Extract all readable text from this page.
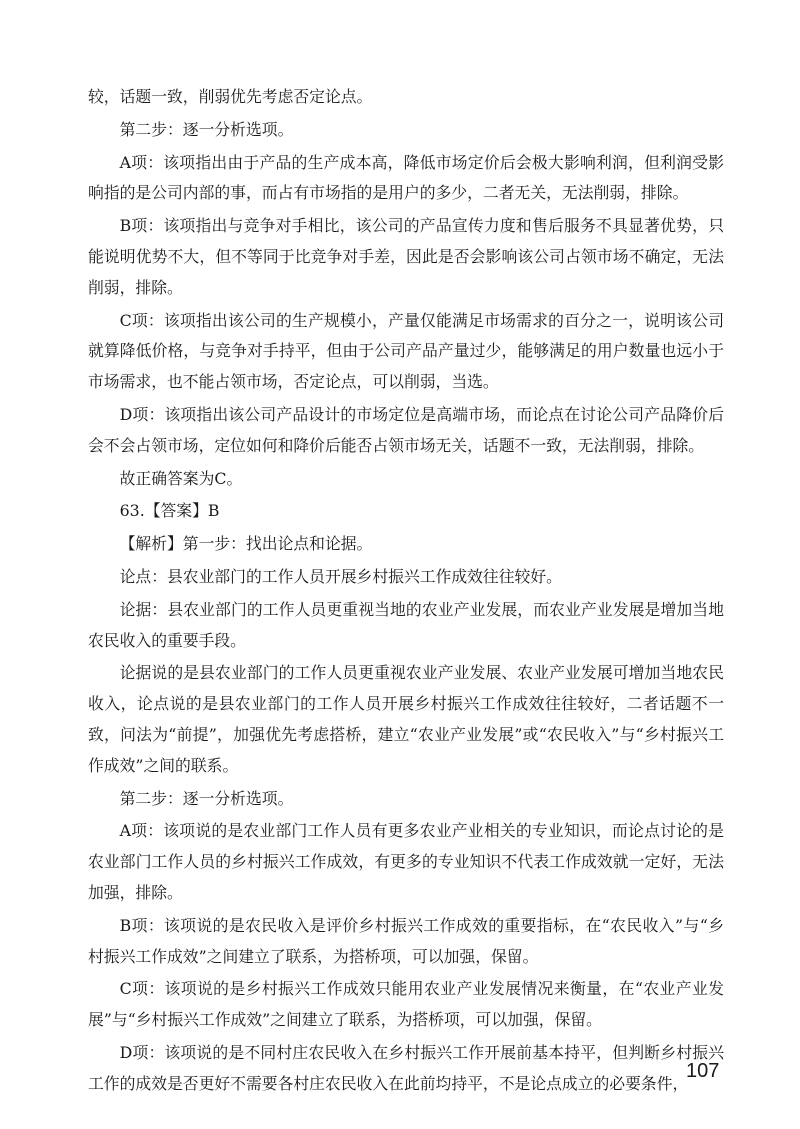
较，话题一致，削弱优先考虑否定论点。

第二步：逐一分析选项。

A项：该项指出由于产品的生产成本高，降低市场定价后会极大影响利润，但利润受影响指的是公司内部的事，而占有市场指的是用户的多少，二者无关，无法削弱，排除。

B项：该项指出与竞争对手相比，该公司的产品宣传力度和售后服务不具显著优势，只能说明优势不大，但不等同于比竞争对手差，因此是否会影响该公司占领市场不确定，无法削弱，排除。

C项：该项指出该公司的生产规模小，产量仅能满足市场需求的百分之一，说明该公司就算降低价格，与竞争对手持平，但由于公司产品产量过少，能够满足的用户数量也远小于市场需求，也不能占领市场，否定论点，可以削弱，当选。

D项：该项指出该公司产品设计的市场定位是高端市场，而论点在讨论公司产品降价后会不会占领市场，定位如何和降价后能否占领市场无关，话题不一致，无法削弱，排除。

故正确答案为C。

63.【答案】B

【解析】第一步：找出论点和论据。

论点：县农业部门的工作人员开展乡村振兴工作成效往往较好。

论据：县农业部门的工作人员更重视当地的农业产业发展，而农业产业发展是增加当地农民收入的重要手段。

论据说的是县农业部门的工作人员更重视农业产业发展、农业产业发展可增加当地农民收入，论点说的是县农业部门的工作人员开展乡村振兴工作成效往往较好，二者话题不一致，问法为“前提”，加强优先考虑搭桥，建立“农业产业发展”或“农民收入”与“乡村振兴工作成效”之间的联系。

第二步：逐一分析选项。

A项：该项说的是农业部门工作人员有更多农业产业相关的专业知识，而论点讨论的是农业部门工作人员的乡村振兴工作成效，有更多的专业知识不代表工作成效就一定好，无法加强，排除。

B项：该项说的是农民收入是评价乡村振兴工作成效的重要指标，在“农民收入”与“乡村振兴工作成效”之间建立了联系，为搭桥项，可以加强，保留。

C项：该项说的是乡村振兴工作成效只能用农业产业发展情况来衡量，在“农业产业发展”与“乡村振兴工作成效”之间建立了联系，为搭桥项，可以加强，保留。

D项：该项说的是不同村庄农民收入在乡村振兴工作开展前基本持平，但判断乡村振兴工作的成效是否更好不需要各村庄农民收入在此前均持平，不是论点成立的必要条件，

107
